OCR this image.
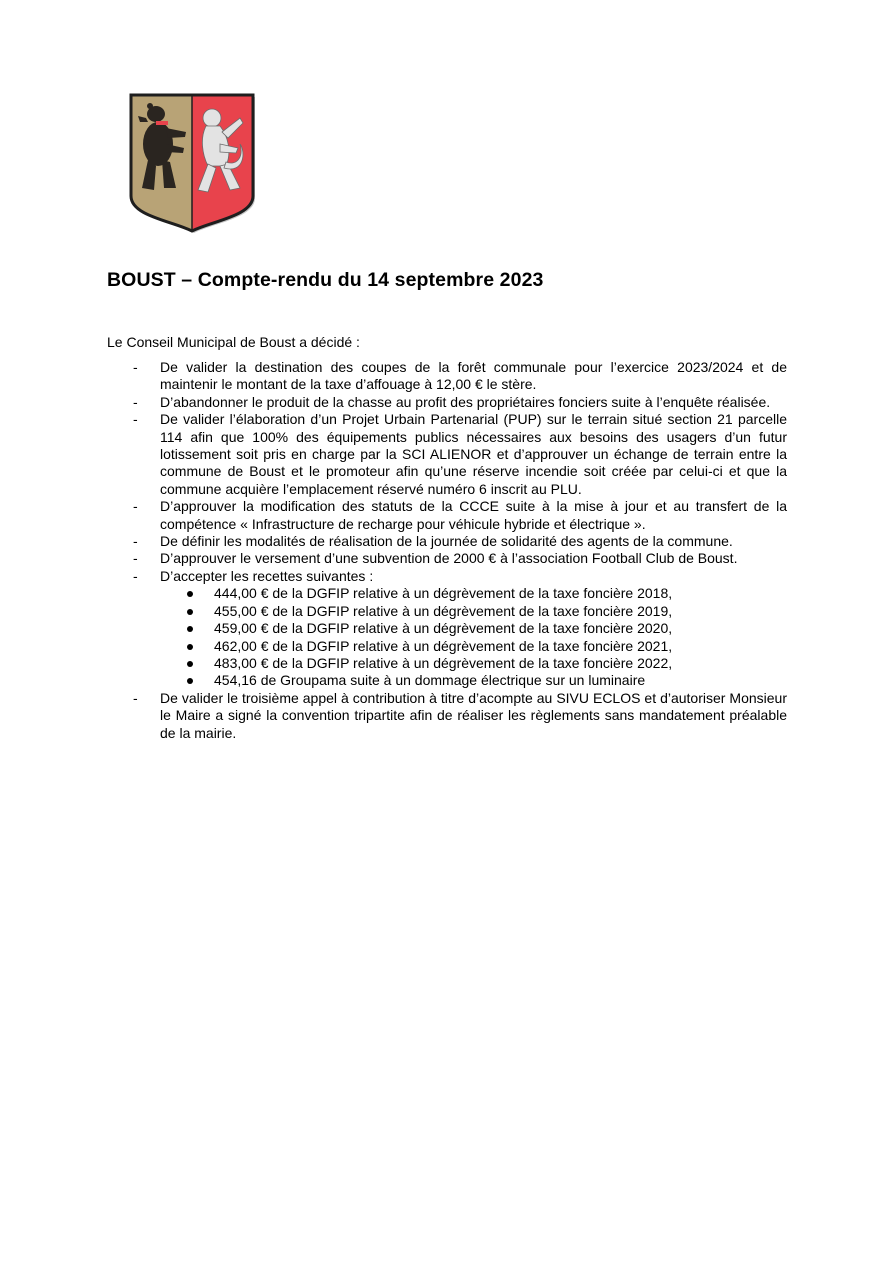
BOUST – Compte-rendu du 14 septembre 2023
Le Conseil Municipal de Boust a décidé :
- De valider la destination des coupes de la forêt communale pour l’exercice 2023/2024 et de maintenir le montant de la taxe d’affouage à 12,00 € le stère.
- D’abandonner le produit de la chasse au profit des propriétaires fonciers suite à l’enquête réalisée.
- De valider l’élaboration d’un Projet Urbain Partenarial (PUP) sur le terrain situé section 21 parcelle 114 afin que 100% des équipements publics nécessaires aux besoins des usagers d’un futur lotissement soit pris en charge par la SCI ALIENOR et d’approuver un échange de terrain entre la commune de Boust et le promoteur afin qu’une réserve incendie soit créée par celui-ci et que la commune acquière l’emplacement réservé numéro 6 inscrit au PLU.
- D’approuver la modification des statuts de la CCCE suite à la mise à jour et au transfert de la compétence « Infrastructure de recharge pour véhicule hybride et électrique ».
- De définir les modalités de réalisation de la journée de solidarité des agents de la commune.
- D’approuver le versement d’une subvention de 2000 € à l’association Football Club de Boust.
- D’accepter les recettes suivantes :
444,00 € de la DGFIP relative à un dégrèvement de la taxe foncière 2018,
455,00 € de la DGFIP relative à un dégrèvement de la taxe foncière 2019,
459,00 € de la DGFIP relative à un dégrèvement de la taxe foncière 2020,
462,00 € de la DGFIP relative à un dégrèvement de la taxe foncière 2021,
483,00 € de la DGFIP relative à un dégrèvement de la taxe foncière 2022,
454,16 de Groupama suite à un dommage électrique sur un luminaire
- De valider le troisième appel à contribution à titre d’acompte au SIVU ECLOS et d’autoriser Monsieur le Maire a signé la convention tripartite afin de réaliser les règlements sans mandatement préalable de la mairie.
